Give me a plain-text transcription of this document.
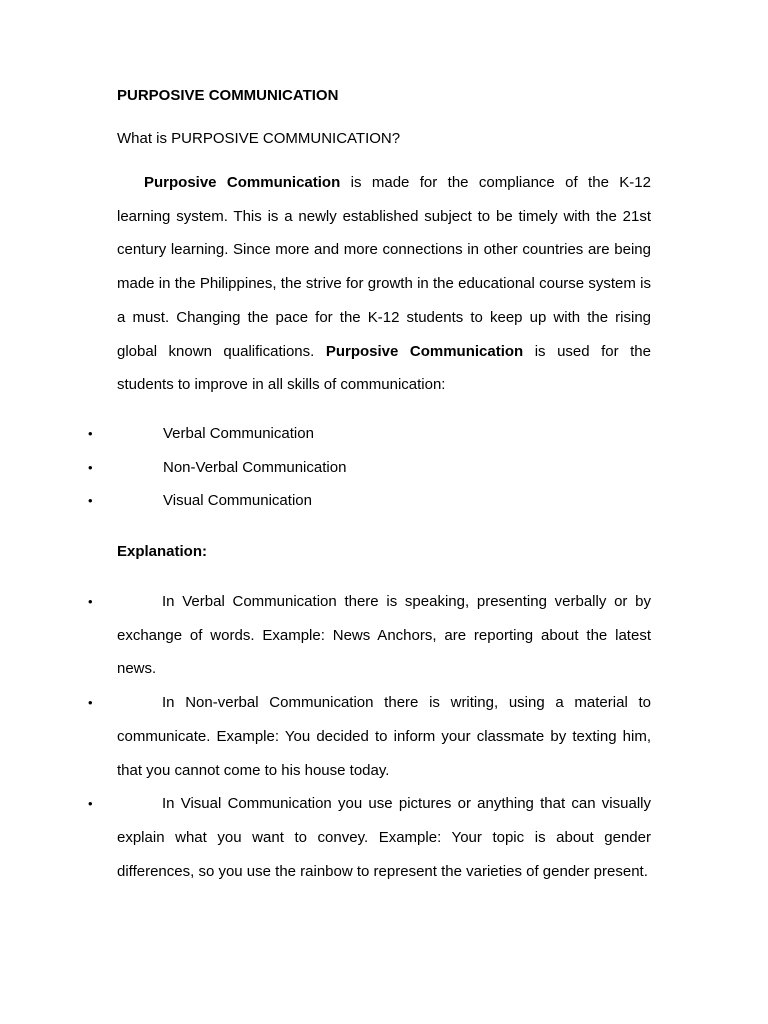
PURPOSIVE COMMUNICATION
What is PURPOSIVE COMMUNICATION?
Purposive Communication is made for the compliance of the K-12 learning system. This is a newly established subject to be timely with the 21st century learning. Since more and more connections in other countries are being made in the Philippines, the strive for growth in the educational course system is a must. Changing the pace for the K-12 students to keep up with the rising global known qualifications. Purposive Communication is used for the students to improve in all skills of communication:
•	Verbal Communication
•	Non-Verbal Communication
•	Visual Communication
Explanation:
•	In Verbal Communication there is speaking, presenting verbally or by exchange of words. Example: News Anchors, are reporting about the latest news.
•	In Non-verbal Communication there is writing, using a material to communicate. Example: You decided to inform your classmate by texting him, that you cannot come to his house today.
•	In Visual Communication you use pictures or anything that can visually explain what you want to convey. Example: Your topic is about gender differences, so you use the rainbow to represent the varieties of gender present.
